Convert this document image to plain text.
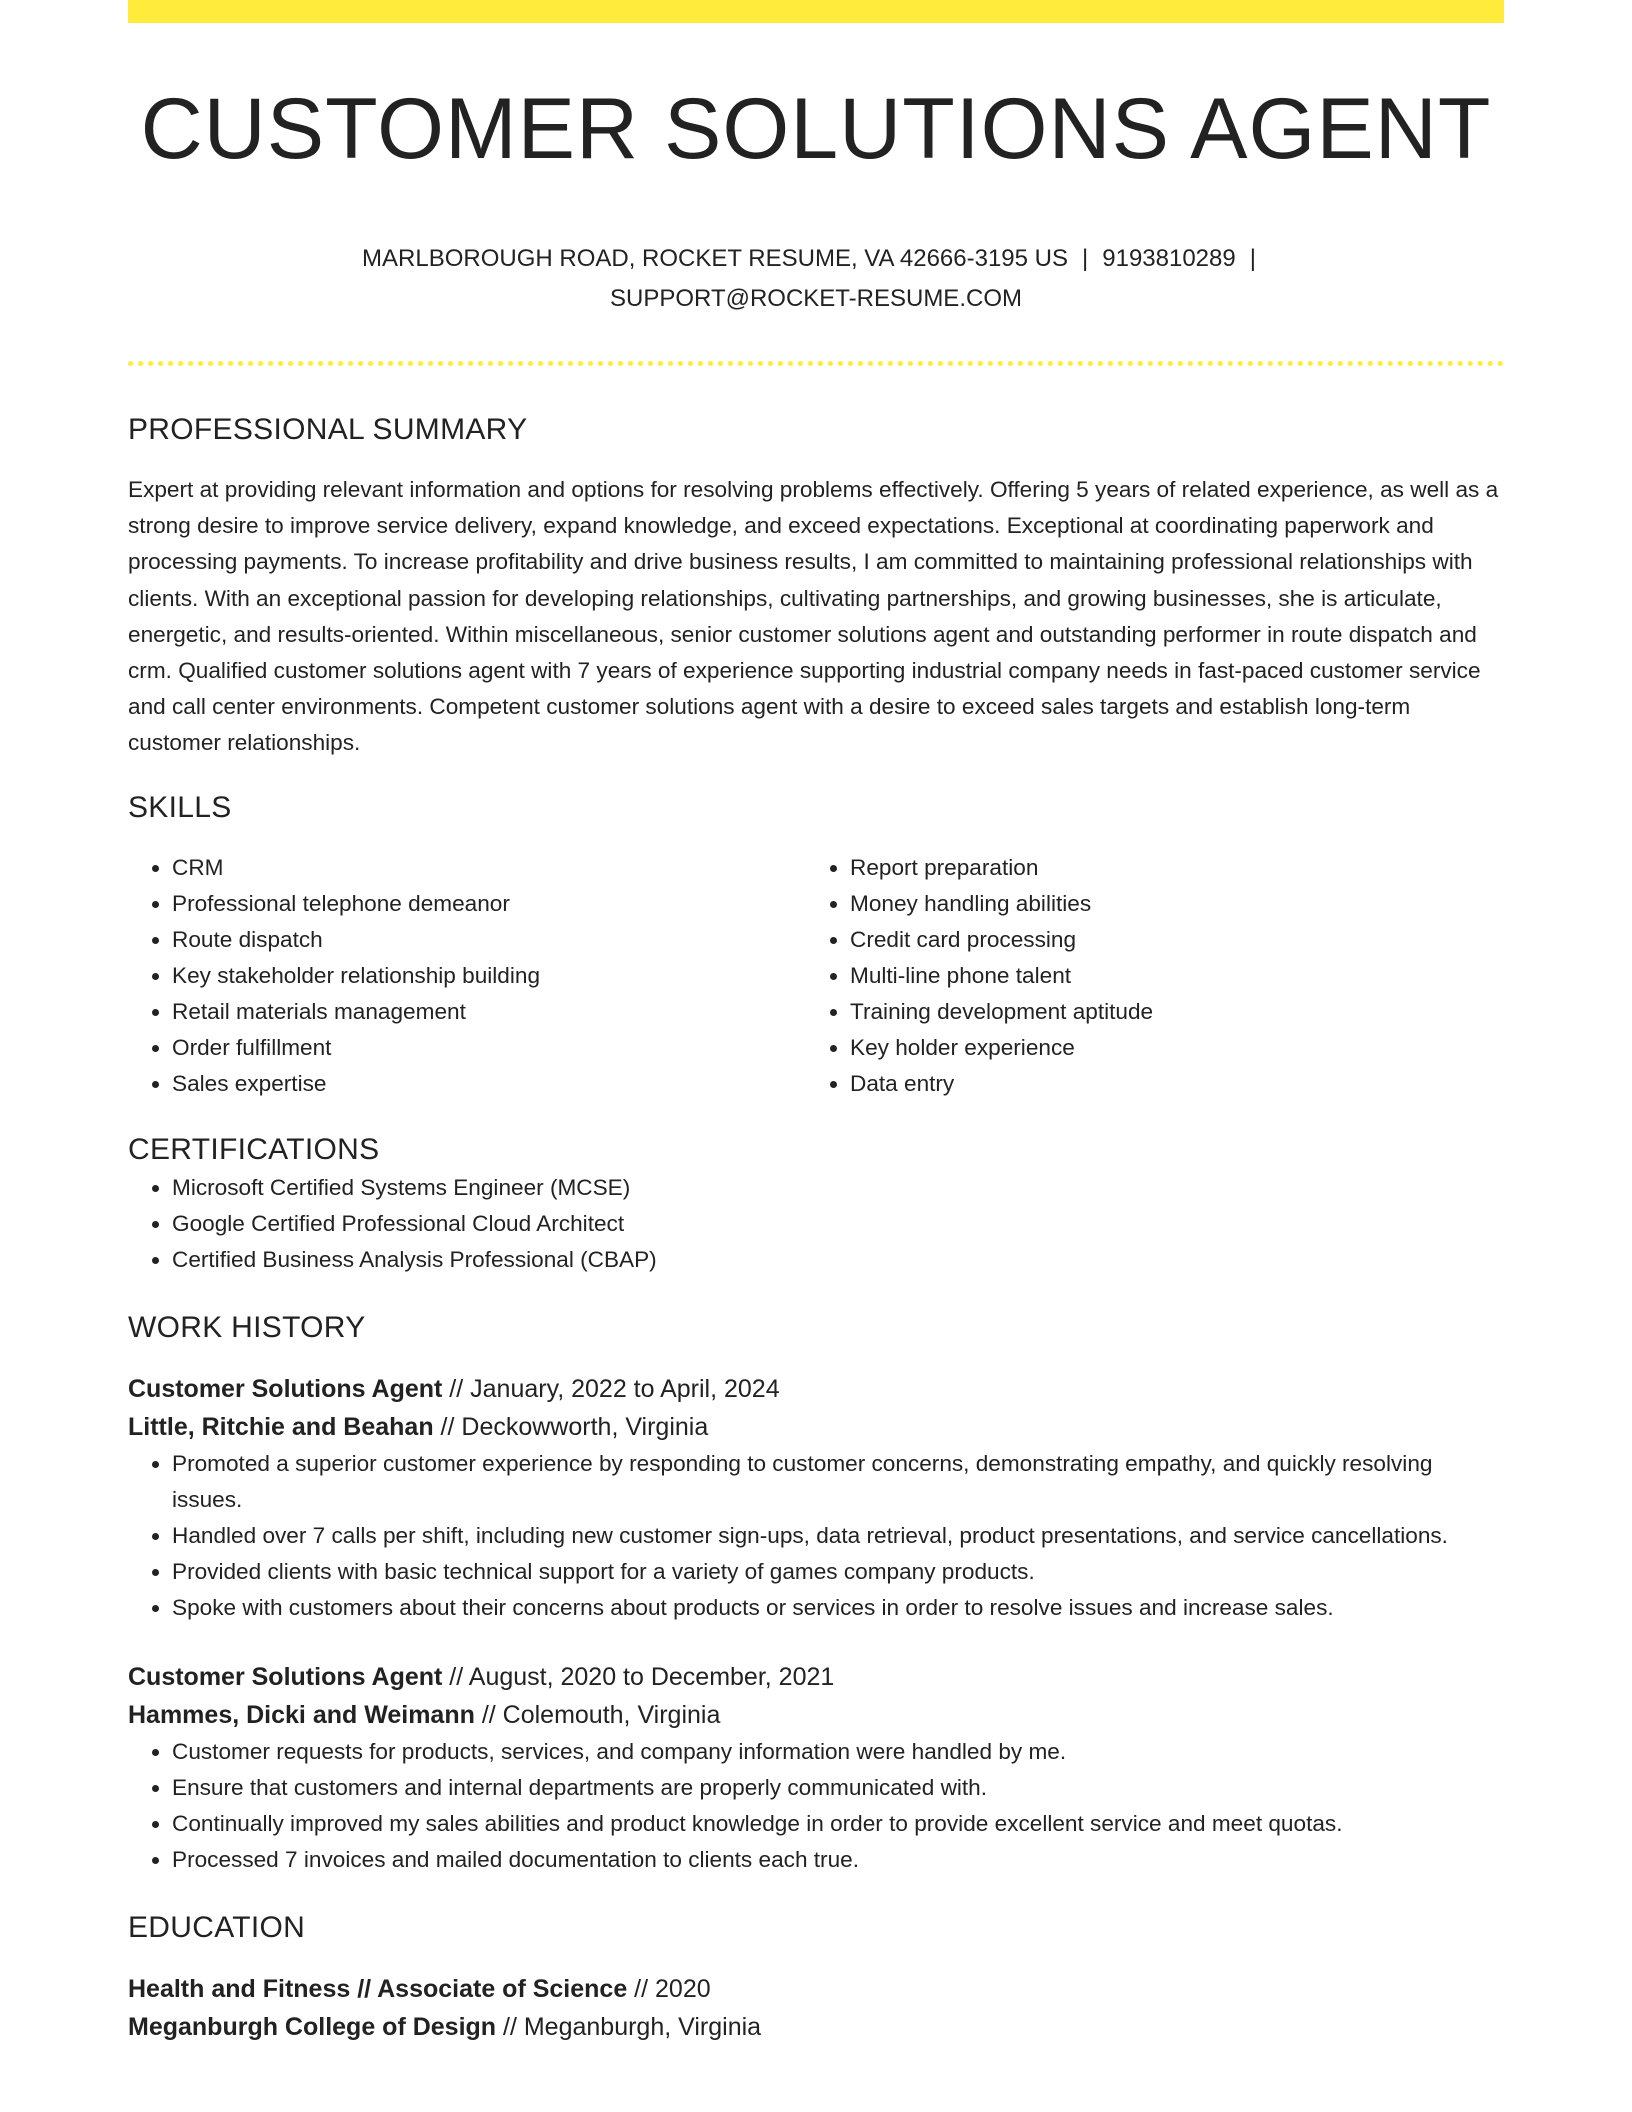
CUSTOMER SOLUTIONS AGENT
MARLBOROUGH ROAD, ROCKET RESUME, VA 42666-3195 US | 9193810289 |
SUPPORT@ROCKET-RESUME.COM
PROFESSIONAL SUMMARY
Expert at providing relevant information and options for resolving problems effectively. Offering 5 years of related experience, as well as a strong desire to improve service delivery, expand knowledge, and exceed expectations. Exceptional at coordinating paperwork and processing payments. To increase profitability and drive business results, I am committed to maintaining professional relationships with clients. With an exceptional passion for developing relationships, cultivating partnerships, and growing businesses, she is articulate, energetic, and results-oriented. Within miscellaneous, senior customer solutions agent and outstanding performer in route dispatch and crm. Qualified customer solutions agent with 7 years of experience supporting industrial company needs in fast-paced customer service and call center environments. Competent customer solutions agent with a desire to exceed sales targets and establish long-term customer relationships.
SKILLS
• CRM
• Professional telephone demeanor
• Route dispatch
• Key stakeholder relationship building
• Retail materials management
• Order fulfillment
• Sales expertise
• Report preparation
• Money handling abilities
• Credit card processing
• Multi-line phone talent
• Training development aptitude
• Key holder experience
• Data entry
CERTIFICATIONS
• Microsoft Certified Systems Engineer (MCSE)
• Google Certified Professional Cloud Architect
• Certified Business Analysis Professional (CBAP)
WORK HISTORY
Customer Solutions Agent // January, 2022 to April, 2024
Little, Ritchie and Beahan // Deckowworth, Virginia
• Promoted a superior customer experience by responding to customer concerns, demonstrating empathy, and quickly resolving issues.
• Handled over 7 calls per shift, including new customer sign-ups, data retrieval, product presentations, and service cancellations.
• Provided clients with basic technical support for a variety of games company products.
• Spoke with customers about their concerns about products or services in order to resolve issues and increase sales.
Customer Solutions Agent // August, 2020 to December, 2021
Hammes, Dicki and Weimann // Colemouth, Virginia
• Customer requests for products, services, and company information were handled by me.
• Ensure that customers and internal departments are properly communicated with.
• Continually improved my sales abilities and product knowledge in order to provide excellent service and meet quotas.
• Processed 7 invoices and mailed documentation to clients each true.
EDUCATION
Health and Fitness // Associate of Science // 2020
Meganburgh College of Design // Meganburgh, Virginia
